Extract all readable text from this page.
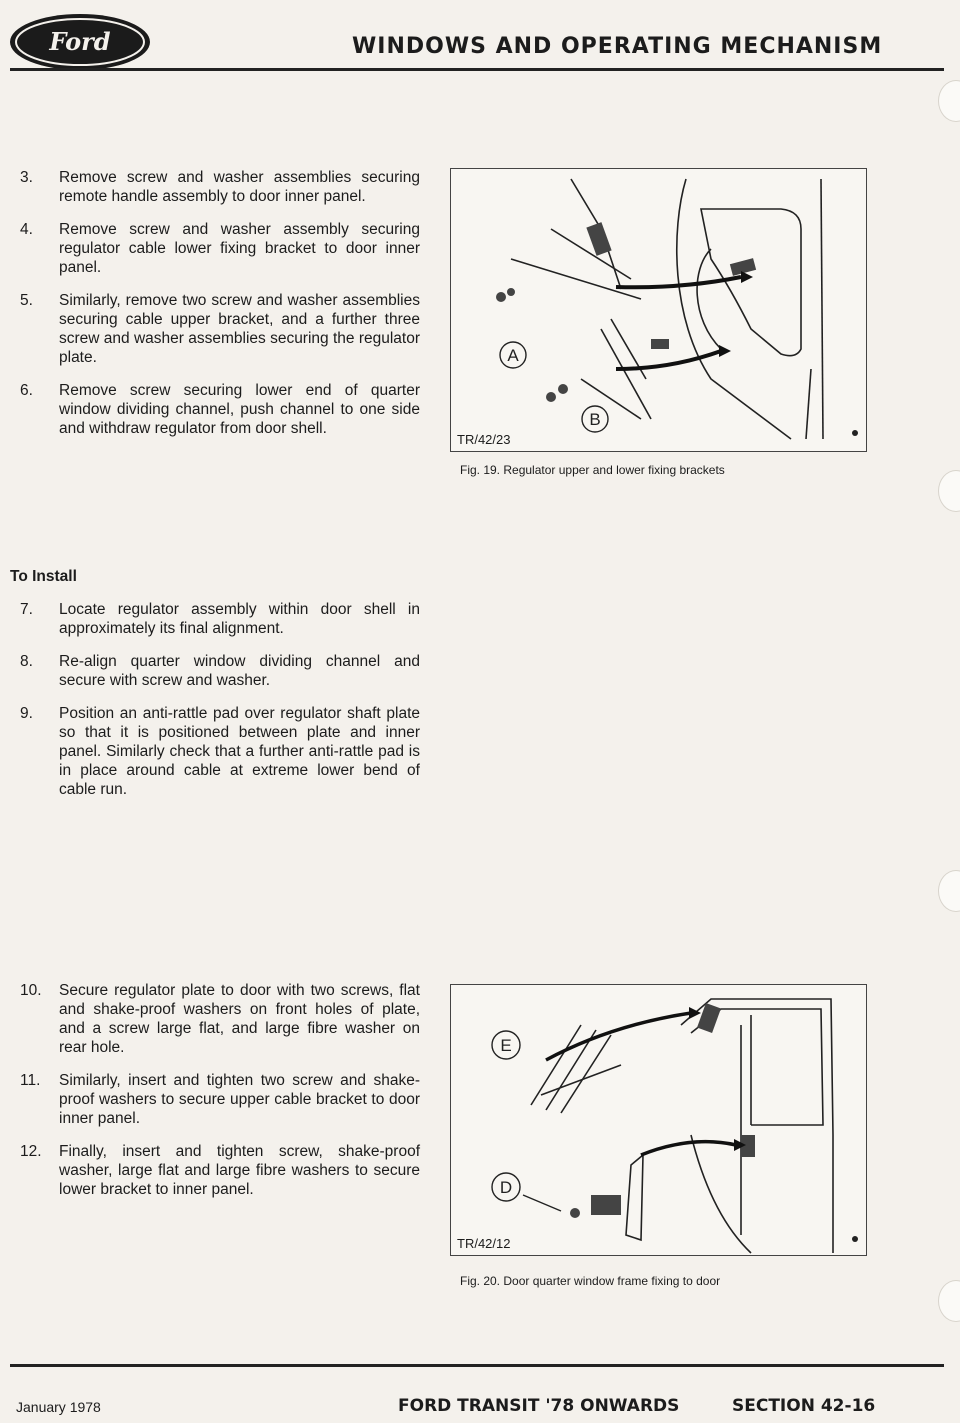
Ford	WINDOWS AND OPERATING MECHANISM
3.	Remove screw and washer assemblies securing remote handle assembly to door inner panel.
4.	Remove screw and washer assembly securing regulator cable lower fixing bracket to door inner panel.
5.	Similarly, remove two screw and washer assemblies securing cable upper bracket, and a further three screw and washer assemblies securing the regulator plate.
6.	Remove screw securing lower end of quarter window dividing channel, push channel to one side and withdraw regulator from door shell.
To Install
7.	Locate regulator assembly within door shell in approximately its final alignment.
8.	Re-align quarter window dividing channel and secure with screw and washer.
9.	Position an anti-rattle pad over regulator shaft plate so that it is positioned between plate and inner panel. Similarly check that a further anti-rattle pad is in place around cable at extreme lower bend of cable run.
10.	Secure regulator plate to door with two screws, flat and shake-proof washers on front holes of plate, and a screw large flat, and large fibre washer on rear hole.
11.	Similarly, insert and tighten two screw and shake-proof washers to secure upper cable bracket to door inner panel.
12.	Finally, insert and tighten screw, shake-proof washer, large flat and large fibre washers to secure lower bracket to inner panel.
A
B
TR/42/23
Fig. 19. Regulator upper and lower fixing brackets
E
D
TR/42/12
Fig. 20. Door quarter window frame fixing to door
January 1978	FORD TRANSIT '78 ONWARDS	SECTION 42-16
